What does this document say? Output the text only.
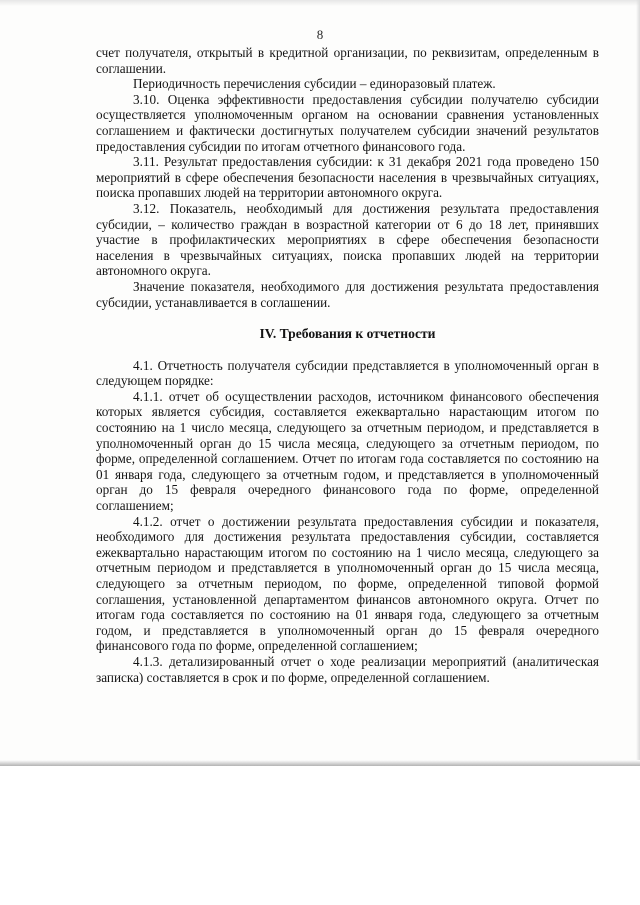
8

счет получателя, открытый в кредитной организации, по реквизитам, определенным в соглашении.

Периодичность перечисления субсидии – единоразовый платеж.

3.10. Оценка эффективности предоставления субсидии получателю субсидии осуществляется уполномоченным органом на основании сравнения установленных соглашением и фактически достигнутых получателем субсидии значений результатов предоставления субсидии по итогам отчетного финансового года.

3.11. Результат предоставления субсидии: к 31 декабря 2021 года проведено 150 мероприятий в сфере обеспечения безопасности населения в чрезвычайных ситуациях, поиска пропавших людей на территории автономного округа.

3.12. Показатель, необходимый для достижения результата предоставления субсидии, – количество граждан в возрастной категории от 6 до 18 лет, принявших участие в профилактических мероприятиях в сфере обеспечения безопасности населения в чрезвычайных ситуациях, поиска пропавших людей на территории автономного округа.

Значение показателя, необходимого для достижения результата предоставления субсидии, устанавливается в соглашении.

IV. Требования к отчетности

4.1. Отчетность получателя субсидии представляется в уполномоченный орган в следующем порядке:

4.1.1. отчет об осуществлении расходов, источником финансового обеспечения которых является субсидия, составляется ежеквартально нарастающим итогом по состоянию на 1 число месяца, следующего за отчетным периодом, и представляется в уполномоченный орган до 15 числа месяца, следующего за отчетным периодом, по форме, определенной соглашением. Отчет по итогам года составляется по состоянию на 01 января года, следующего за отчетным годом, и представляется в уполномоченный орган до 15 февраля очередного финансового года по форме, определенной соглашением;

4.1.2. отчет о достижении результата предоставления субсидии и показателя, необходимого для достижения результата предоставления субсидии, составляется ежеквартально нарастающим итогом по состоянию на 1 число месяца, следующего за отчетным периодом и представляется в уполномоченный орган до 15 числа месяца, следующего за отчетным периодом, по форме, определенной типовой формой соглашения, установленной департаментом финансов автономного округа. Отчет по итогам года составляется по состоянию на 01 января года, следующего за отчетным годом, и представляется в уполномоченный орган до 15 февраля очередного финансового года по форме, определенной соглашением;

4.1.3. детализированный отчет о ходе реализации мероприятий (аналитическая записка) составляется в срок и по форме, определенной соглашением.
